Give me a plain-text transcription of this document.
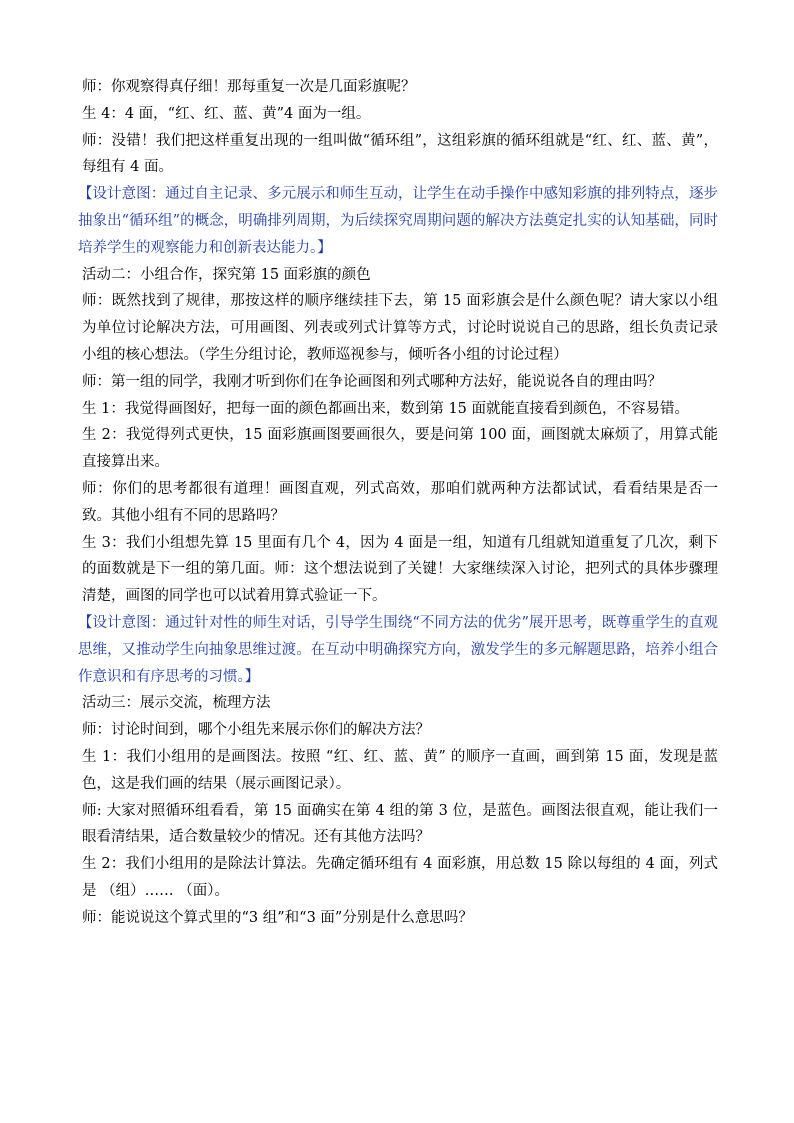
师：你观察得真仔细！那每重复一次是几面彩旗呢？

生 4：4 面，“红、红、蓝、黄”4 面为一组。

师：没错！我们把这样重复出现的一组叫做“循环组”，这组彩旗的循环组就是“红、红、蓝、黄”，每组有 4 面。

【设计意图：通过自主记录、多元展示和师生互动，让学生在动手操作中感知彩旗的排列特点，逐步抽象出“循环组”的概念，明确排列周期，为后续探究周期问题的解决方法奠定扎实的认知基础，同时培养学生的观察能力和创新表达能力。】

活动二：小组合作，探究第 15 面彩旗的颜色

师：既然找到了规律，那按这样的顺序继续挂下去，第 15 面彩旗会是什么颜色呢？请大家以小组为单位讨论解决方法，可用画图、列表或列式计算等方式，讨论时说说自己的思路，组长负责记录小组的核心想法。（学生分组讨论，教师巡视参与，倾听各小组的讨论过程）

师：第一组的同学，我刚才听到你们在争论画图和列式哪种方法好，能说说各自的理由吗？

生 1：我觉得画图好，把每一面的颜色都画出来，数到第 15 面就能直接看到颜色，不容易错。

生 2：我觉得列式更快，15 面彩旗画图要画很久，要是问第 100 面，画图就太麻烦了，用算式能直接算出来。

师：你们的思考都很有道理！画图直观，列式高效，那咱们就两种方法都试试，看看结果是否一致。其他小组有不同的思路吗？

生 3：我们小组想先算 15 里面有几个 4，因为 4 面是一组，知道有几组就知道重复了几次，剩下的面数就是下一组的第几面。师：这个想法说到了关键！大家继续深入讨论，把列式的具体步骤理清楚，画图的同学也可以试着用算式验证一下。

【设计意图：通过针对性的师生对话，引导学生围绕“不同方法的优劣”展开思考，既尊重学生的直观思维，又推动学生向抽象思维过渡。在互动中明确探究方向，激发学生的多元解题思路，培养小组合作意识和有序思考的习惯。】

活动三：展示交流，梳理方法

师：讨论时间到，哪个小组先来展示你们的解决方法？

生 1：我们小组用的是画图法。按照 “红、红、蓝、黄” 的顺序一直画，画到第 15 面，发现是蓝色，这是我们画的结果（展示画图记录）。

师: 大家对照循环组看看，第 15 面确实在第 4 组的第 3 位，是蓝色。画图法很直观，能让我们一眼看清结果，适合数量较少的情况。还有其他方法吗？

生 2：我们小组用的是除法计算法。先确定循环组有 4 面彩旗，用总数 15 除以每组的 4 面，列式是 （组）…… （面）。

师：能说说这个算式里的“3 组”和“3 面”分别是什么意思吗？
